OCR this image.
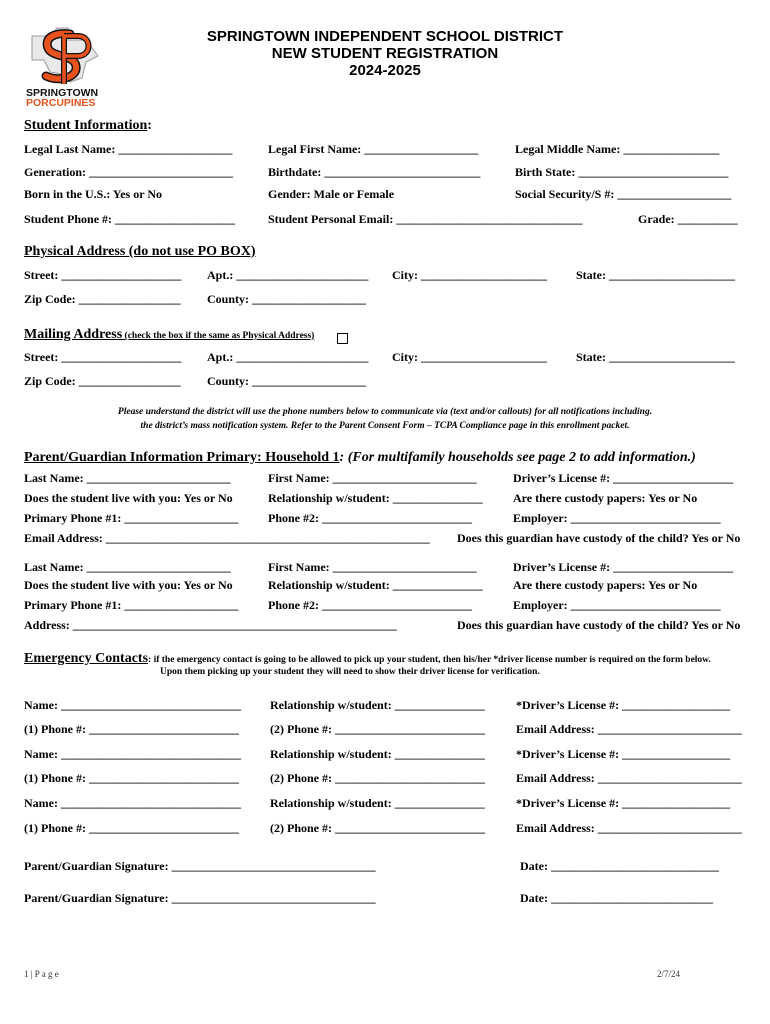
SPRINGTOWN
PORCUPINES
SPRINGTOWN INDEPENDENT SCHOOL DISTRICT
NEW STUDENT REGISTRATION
2024-2025
Student Information:
Legal Last Name: ___________________	Legal First Name: ___________________	Legal Middle Name: ________________
Generation: ________________________	Birthdate: __________________________	Birth State: _________________________
Born in the U.S.: Yes or No	Gender: Male or Female	Social Security/S #: ___________________
Student Phone #: ____________________	Student Personal Email: _______________________________	Grade: __________
Physical Address (do not use PO BOX)
Street: ____________________ Apt.: ______________________ City: _____________________ State: _____________________
Zip Code: _________________ County: ___________________
Mailing Address (check the box if the same as Physical Address)
Street: ____________________ Apt.: ______________________ City: _____________________ State: _____________________
Zip Code: _________________ County: ___________________
Please understand the district will use the phone numbers below to communicate via (text and/or callouts) for all notifications including.
the district’s mass notification system. Refer to the Parent Consent Form – TCPA Compliance page in this enrollment packet.
Parent/Guardian Information Primary: Household 1: (For multifamily households see page 2 to add information.)
Last Name: ________________________	First Name: ________________________	Driver’s License #: ____________________
Does the student live with you: Yes or No	Relationship w/student: _______________	Are there custody papers: Yes or No
Primary Phone #1: ___________________ Phone #2: _________________________	Employer: _________________________
Email Address: ______________________________________________________ Does this guardian have custody of the child? Yes or No
Last Name: ________________________	First Name: ________________________	Driver’s License #: ____________________
Does the student live with you: Yes or No	Relationship w/student: _______________	Are there custody papers: Yes or No
Primary Phone #1: ___________________ Phone #2: _________________________	Employer: _________________________
Address: ______________________________________________________	Does this guardian have custody of the child? Yes or No
Emergency Contacts: if the emergency contact is going to be allowed to pick up your student, then his/her *driver license number is required on the form below.
Upon them picking up your student they will need to show their driver license for verification.
Name: ______________________________ Relationship w/student: _______________	*Driver’s License #: __________________
(1) Phone #: _________________________	(2) Phone #: _________________________	Email Address: ________________________
Name: ______________________________ Relationship w/student: _______________	*Driver’s License #: __________________
(1) Phone #: _________________________	(2) Phone #: _________________________	Email Address: ________________________
Name: ______________________________ Relationship w/student: _______________	*Driver’s License #: __________________
(1) Phone #: _________________________	(2) Phone #: _________________________	Email Address: ________________________
Parent/Guardian Signature: __________________________________	Date: ____________________________
Parent/Guardian Signature: __________________________________	Date: ___________________________
1 | P a g e	2/7/24
